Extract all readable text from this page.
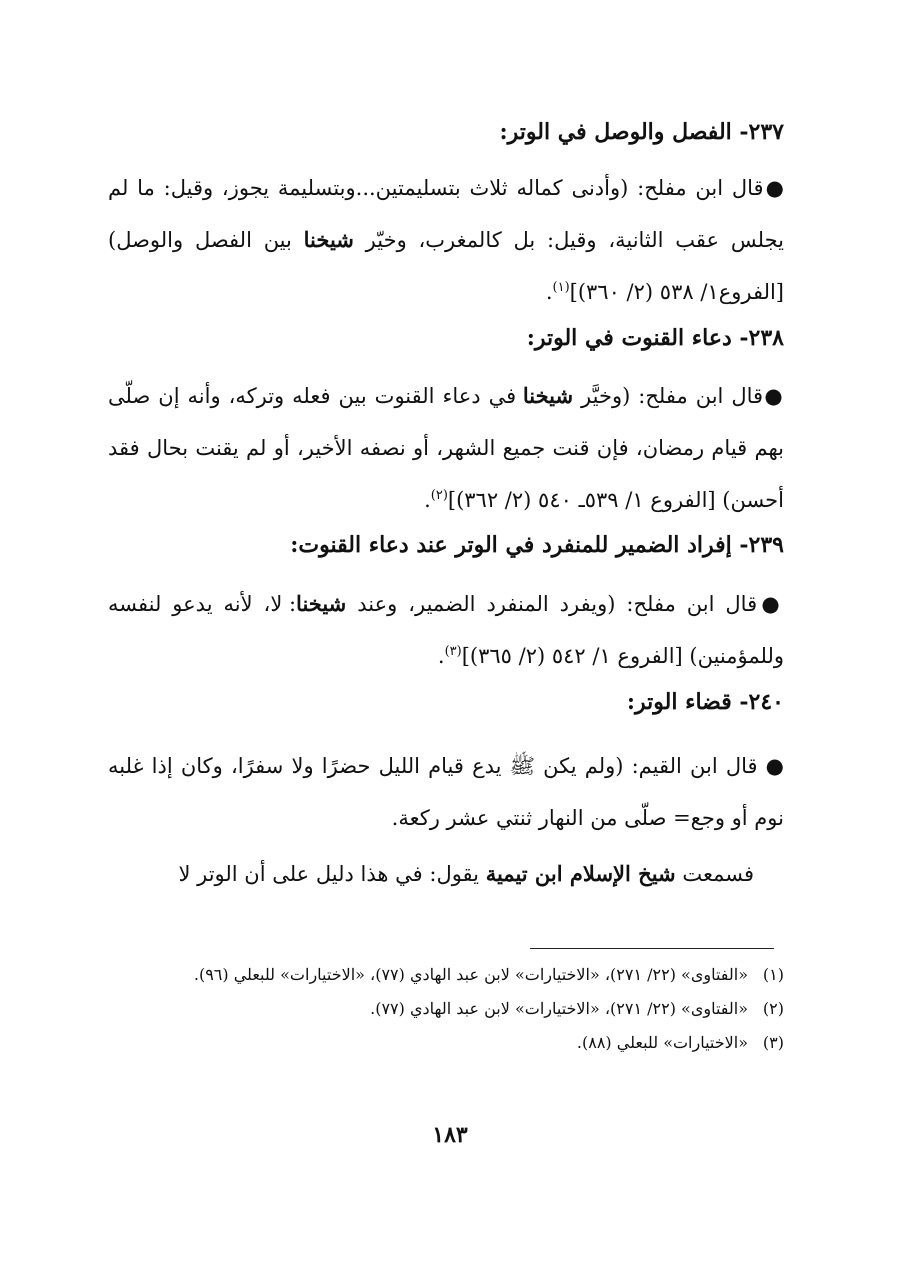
٢٣٧- الفصل والوصل في الوتر:

●قال ابن مفلح: (وأدنى كماله ثلاث بتسليمتين...وبتسليمة يجوز، وقيل: ما لم يجلس عقب الثانية، وقيل: بل كالمغرب، وخيّر شيخنا بين الفصل والوصل) [الفروع١/ ٥٣٨ (٢/ ٣٦٠)]$^{(١)}$.

٢٣٨- دعاء القنوت في الوتر:

●قال ابن مفلح: (وخيَّر شيخنا في دعاء القنوت بين فعله وتركه، وأنه إن صلّى بهم قيام رمضان، فإن قنت جميع الشهر، أو نصفه الأخير، أو لم يقنت بحال فقد أحسن) [الفروع ١/ ٥٣٩ـ ٥٤٠ (٢/ ٣٦٢)]$^{(٢)}$.

٢٣٩- إفراد الضمير للمنفرد في الوتر عند دعاء القنوت:

●قال ابن مفلح: (ويفرد المنفرد الضمير، وعند شيخنا: لا، لأنه يدعو لنفسه وللمؤمنين) [الفروع ١/ ٥٤٢ (٢/ ٣٦٥)]$^{(٣)}$.

٢٤٠- قضاء الوتر:

● قال ابن القيم: (ولم يكن ﷺ يدع قيام الليل حضرًا ولا سفرًا، وكان إذا غلبه نوم أو وجع= صلّى من النهار ثنتي عشر ركعة.

فسمعت شيخ الإسلام ابن تيمية يقول: في هذا دليل على أن الوتر لا

(١)
«الفتاوى» (٢٢/ ٢٧١)، «الاختيارات» لابن عبد الهادي (٧٧)، «الاختيارات» للبعلي (٩٦).

(٢)
«الفتاوى» (٢٢/ ٢٧١)، «الاختيارات» لابن عبد الهادي (٧٧).

(٣)
«الاختيارات» للبعلي (٨٨).

١٨٣
